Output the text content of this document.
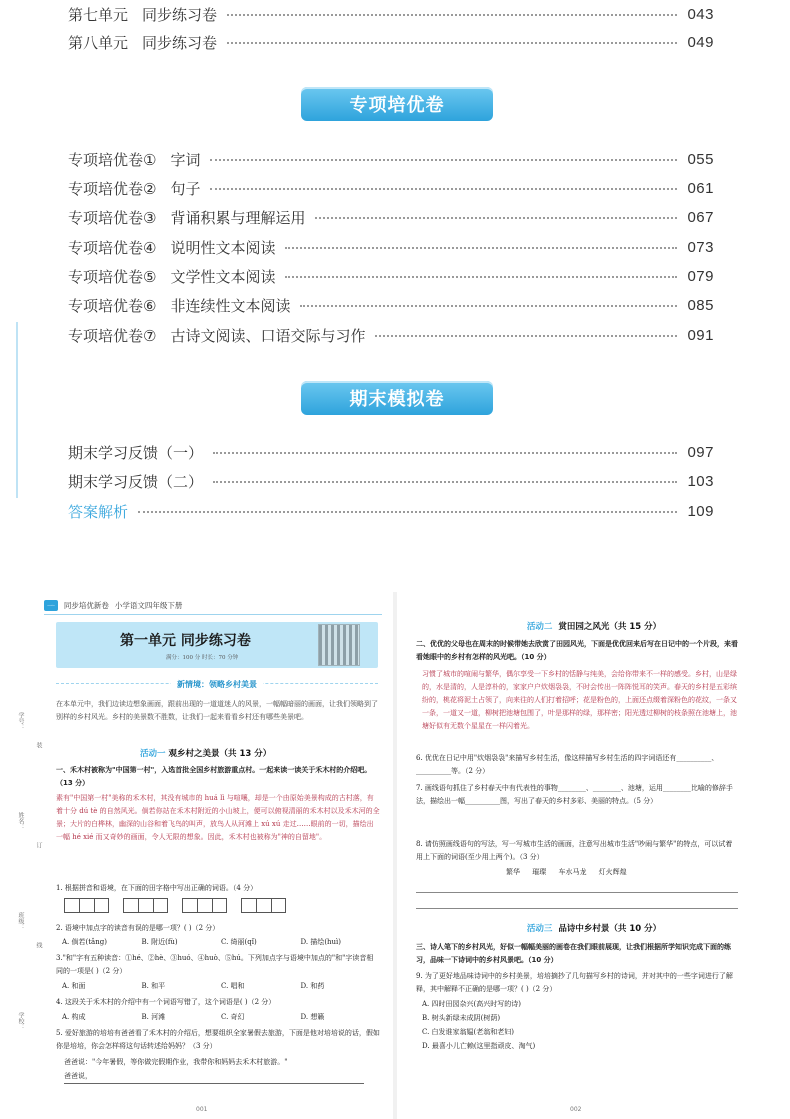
第七单元 同步练习卷	043
第八单元 同步练习卷	049
专项培优卷
专项培优卷① 字词	055
专项培优卷② 句子	061
专项培优卷③ 背诵积累与理解运用	067
专项培优卷④ 说明性文本阅读	073
专项培优卷⑤ 文学性文本阅读	079
专项培优卷⑥ 非连续性文本阅读	085
专项培优卷⑦ 古诗文阅读、口语交际与习作	091
期末模拟卷
期末学习反馈（一）	097
期末学习反馈（二）	103
答案解析	109
一·	同步培优新卷 小学语文四年级下册
学号：
姓名：
班级：
学校：
装
订
线
第一单元 同步练习卷
满分：100 分 时长：70 分钟
新情境：领略乡村美景
在本单元中，我们边读边想象画面，跟前出现的一道道迷人的风景，一幅幅暗丽的画面，让我们领略到了别样的乡村风光。乡村的美景数不胜数，让我们一起来看看乡村还有哪些美景吧。
活动一 观乡村之美景（共 13 分）
一、禾木村被称为"中国第一村"，入选首批全国乡村旅游重点村。一起来读一读关于禾木村的介绍吧。（13 分）
素有"中国第一村"美称的禾木村，其没有城市的 huá lì 与喧嚷，却是一个由原始美景构成的古村落，有着十分 dú tè 的自然风光。倘若你站在禾木村附近的小山坡上，便可以俯视清丽的禾木村以及禾木河的全景；大片的白桦林，幽深的山谷和着飞鸟的叫声，放鸟人从河滩上 xú xú 走过……眼前的一切，描绘出一幅 hé xié 而又奇妙的画面，令人无限的想象。因此，禾木村也被称为"神的自留地"。
1. 根据拼音和语境，在下面的田字格中写出正确的词语。（4 分）
2. 语境中加点字的读音有误的是哪一项？( )（2 分）
A. 倘若(tǎng)	B. 附近(fù)	C. 绮丽(qǐ)	D. 描绘(huì)
3."和"字有五种读音：①hé、②hè、③huó、④huò、⑤hú。下列加点字与语境中加点的"和"字读音相同的一项是( )（2 分）
A. 和面	B. 和平	C. 唱和	D. 和药
4. 这段关于禾木村的介绍中有一个词语写错了，这个词语是( )（2 分）
A. 构成	B. 河滩	C. 奇幻	D. 想籁
5. 爱好旅游的培培有爸爸看了禾木村的介绍后，想要组织全家暑假去旅游，下面是他对培培说的话，假如你是培培，你会怎样将这句话转述给妈妈？（3 分）
爸爸说："今年暑假，等你做完假期作业，我带你和妈妈去禾木村旅游。"
爸爸说，
001
活动二 赏田园之风光（共 15 分）
二、优优的父母也在周末的时候带她去欣赏了田园风光，下面是优优回来后写在日记中的一个片段，来看看她眼中的乡村有怎样的风光吧。（10 分）
习惯了城市的喧闹与繁华，偶尔享受一下乡村的恬静与纯美，会给你带来不一样的感受。乡村，山是绿的，水是清的，人是淳朴的，家家户户炊烟袅袅，不时会传出一阵阵悦耳的笑声。春天的乡村是五彩缤纷的，桃花将泥土占领了，向来往的人们打着招呼；花是粉色的，上面还点缀着深粉色的花纹，一条又一条，一道又一道，柳树把池塘包围了，叶是那样的绿，那样密；阳光透过柳树的枝条照在池塘上，池塘好似有无数个星星在一样闪着光。
6. 优优在日记中用"炊烟袅袅"来描写乡村生活，像这样描写乡村生活的四字词语还有__________、__________等。（2 分）
7. 画线语句抓住了乡村春天中有代表性的事物________、________、池塘，运用________比喻的修辞手法，描绘出一幅__________图，写出了春天的乡村多彩、美丽的特点。（5 分）
8. 请仿照画线语句的写法，写一写城市生活的画面，注意写出城市生活"吵闹与繁华"的特点，可以试着用上下面的词语(至少用上两个)。（3 分）
繁华 璀璨 车水马龙 灯火辉煌
活动三 品诗中乡村景（共 10 分）
三、诗人笔下的乡村风光，好似一幅幅美丽的画卷在我们眼前展现，让我们根据所学知识完成下面的练习，品味一下诗词中的乡村风景吧。（10 分）
9. 为了更好地品味诗词中的乡村美景，培培摘抄了几句描写乡村的诗词，并对其中的一些字词进行了解释，其中解释不正确的是哪一项？( )（2 分）
A. 四时田园杂兴(高兴时写的诗)
B. 树头新绿未成阴(树荫)
C. 白发谁家翁媪(老翁和老妇)
D. 最喜小儿亡赖(这里指顽皮、淘气)
002
